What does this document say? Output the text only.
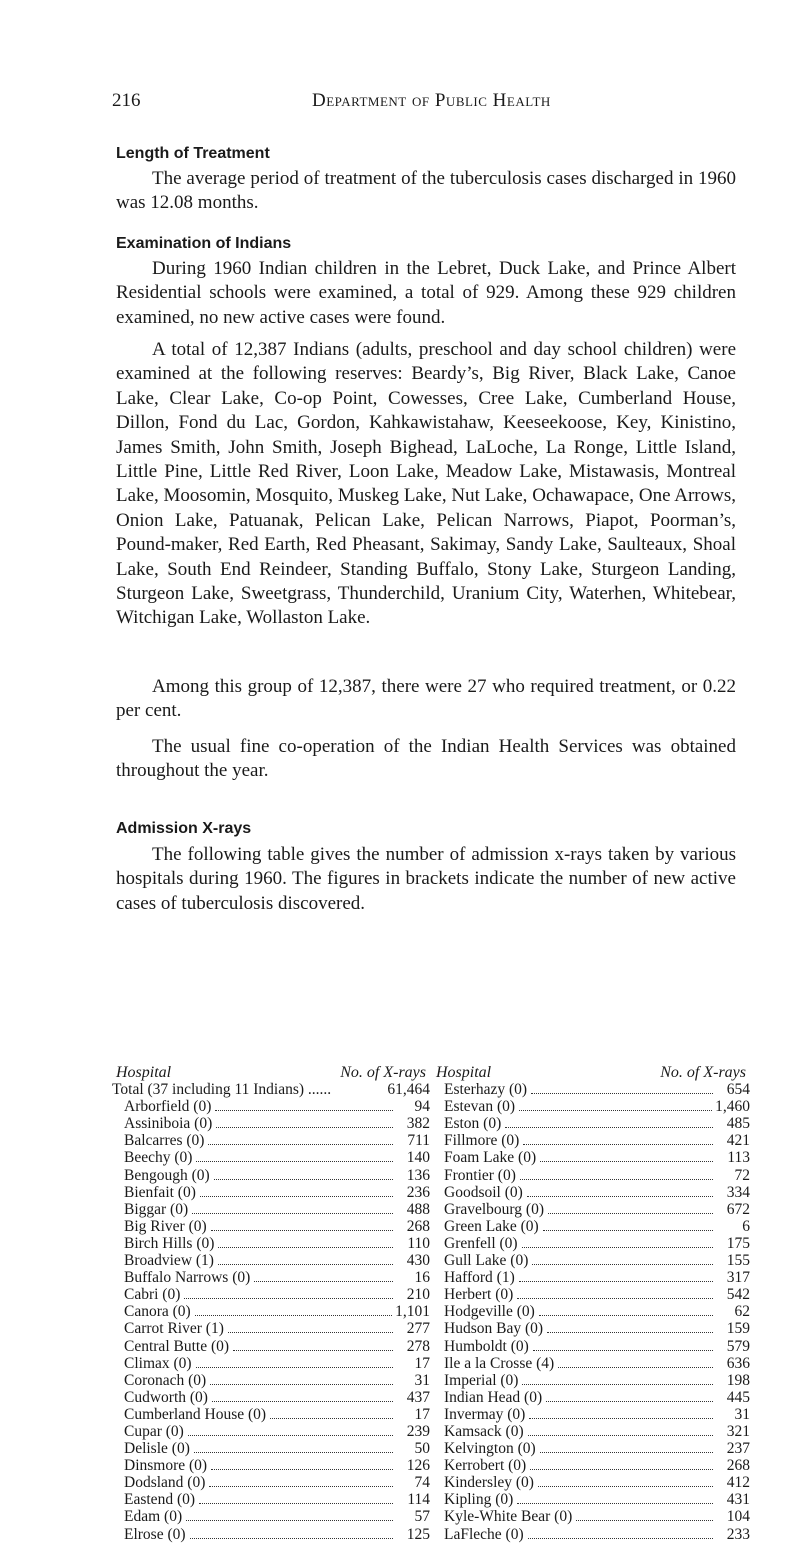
216	Department of Public Health
Length of Treatment

The average period of treatment of the tuberculosis cases discharged in 1960 was 12.08 months.

Examination of Indians

During 1960 Indian children in the Lebret, Duck Lake, and Prince Albert Residential schools were examined, a total of 929. Among these 929 children examined, no new active cases were found.

A total of 12,387 Indians (adults, preschool and day school children) were examined at the following reserves: Beardy’s, Big River, Black Lake, Canoe Lake, Clear Lake, Co-op Point, Cowesses, Cree Lake, Cumberland House, Dillon, Fond du Lac, Gordon, Kahkawistahaw, Keeseekoose, Key, Kinistino, James Smith, John Smith, Joseph Bighead, LaLoche, La Ronge, Little Island, Little Pine, Little Red River, Loon Lake, Meadow Lake, Mistawasis, Montreal Lake, Moosomin, Mosquito, Muskeg Lake, Nut Lake, Ochawapace, One Arrows, Onion Lake, Patuanak, Pelican Lake, Pelican Narrows, Piapot, Poorman’s, Pound-maker, Red Earth, Red Pheasant, Sakimay, Sandy Lake, Saulteaux, Shoal Lake, South End Reindeer, Standing Buffalo, Stony Lake, Sturgeon Landing, Sturgeon Lake, Sweetgrass, Thunderchild, Uranium City, Waterhen, Whitebear, Witchigan Lake, Wollaston Lake.

Among this group of 12,387, there were 27 who required treatment, or 0.22 per cent.

The usual fine co-operation of the Indian Health Services was obtained throughout the year.

Admission X-rays

The following table gives the number of admission x-rays taken by various hospitals during 1960. The figures in brackets indicate the number of new active cases of tuberculosis discovered.

Hospital	No. of X-rays
Total (37 including 11 Indians) ......	61,464
Arborfield (0)	94
Assiniboia (0)	382
Balcarres (0)	711
Beechy (0)	140
Bengough (0)	136
Bienfait (0)	236
Biggar (0)	488
Big River (0)	268
Birch Hills (0)	110
Broadview (1)	430
Buffalo Narrows (0)	16
Cabri (0)	210
Canora (0)	1,101
Carrot River (1)	277
Central Butte (0)	278
Climax (0)	17
Coronach (0)	31
Cudworth (0)	437
Cumberland House (0)	17
Cupar (0)	239
Delisle (0)	50
Dinsmore (0)	126
Dodsland (0)	74
Eastend (0)	114
Edam (0)	57
Elrose (0)	125
Hospital	No. of X-rays
Esterhazy (0)	654
Estevan (0)	1,460
Eston (0)	485
Fillmore (0)	421
Foam Lake (0)	113
Frontier (0)	72
Goodsoil (0)	334
Gravelbourg (0)	672
Green Lake (0)	6
Grenfell (0)	175
Gull Lake (0)	155
Hafford (1)	317
Herbert (0)	542
Hodgeville (0)	62
Hudson Bay (0)	159
Humboldt (0)	579
Ile a la Crosse (4)	636
Imperial (0)	198
Indian Head (0)	445
Invermay (0)	31
Kamsack (0)	321
Kelvington (0)	237
Kerrobert (0)	268
Kindersley (0)	412
Kipling (0)	431
Kyle-White Bear (0)	104
LaFleche (0)	233
